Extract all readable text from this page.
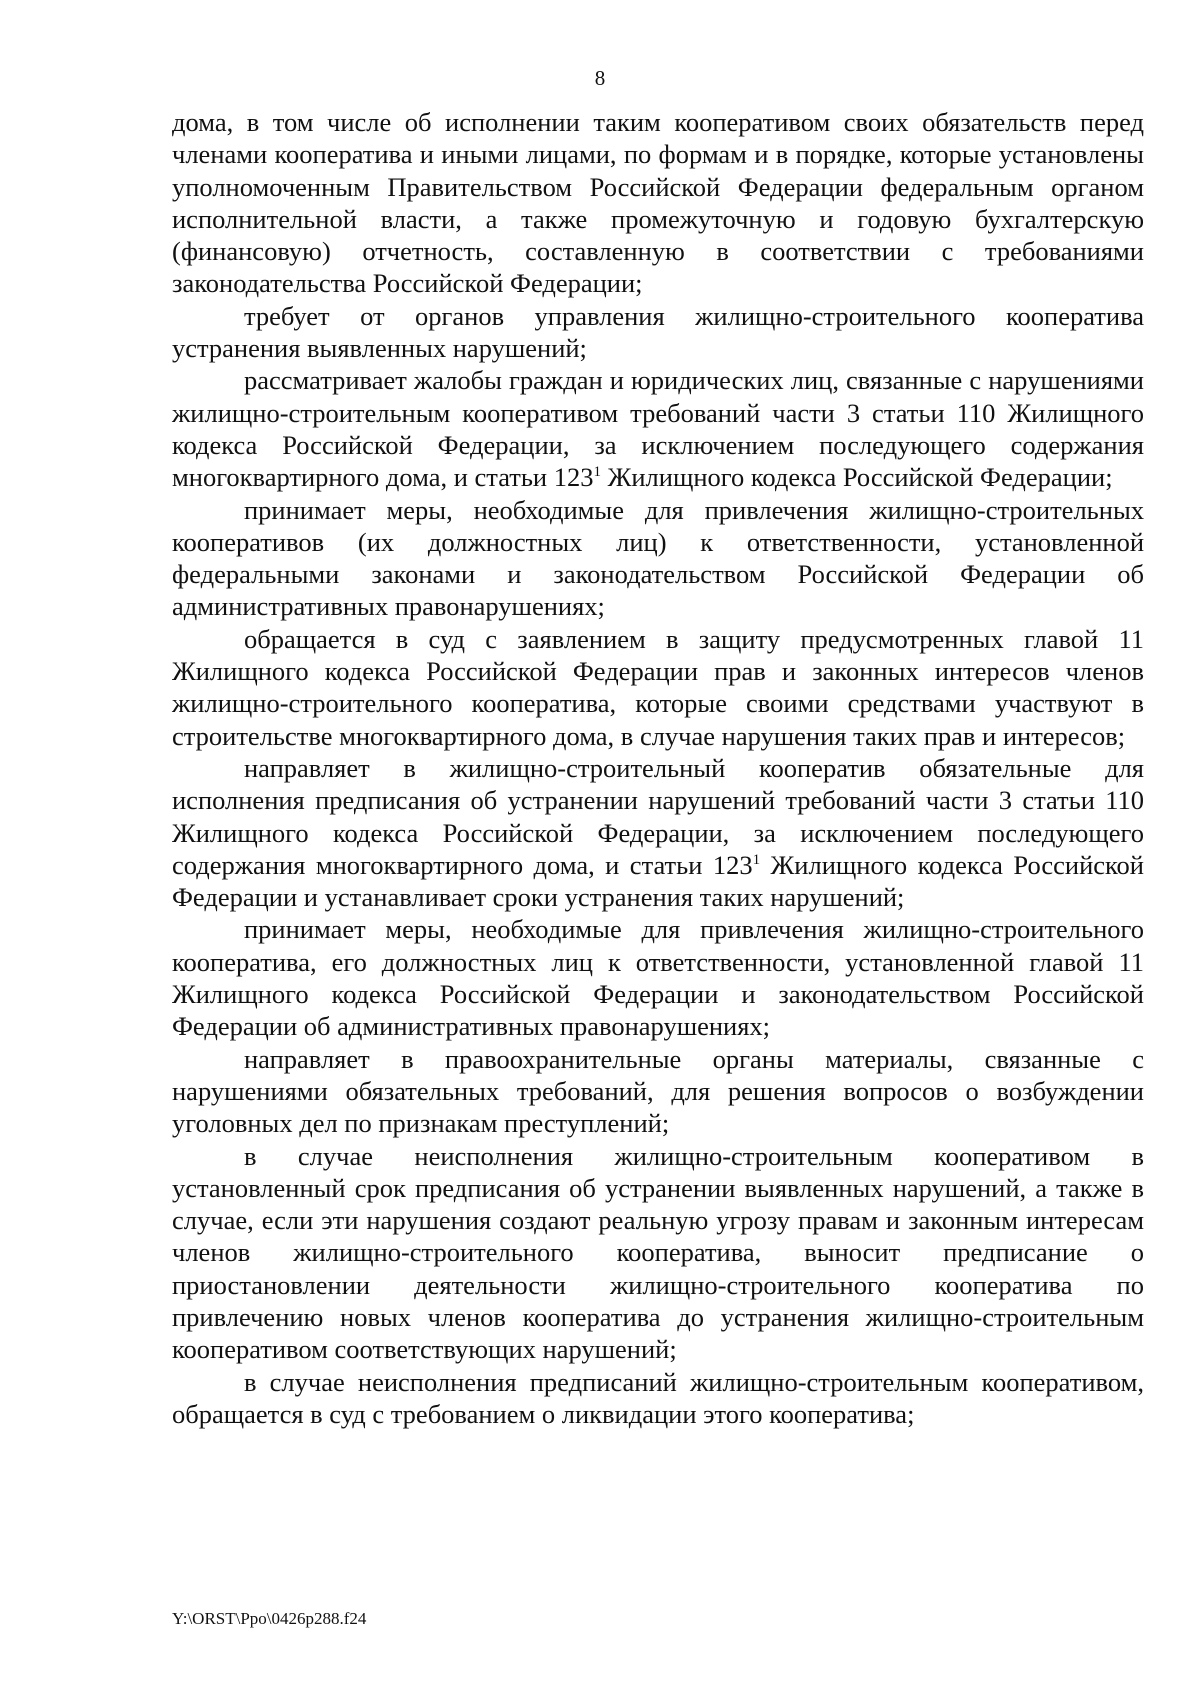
8

дома, в том числе об исполнении таким кооперативом своих обязательств перед членами кооператива и иными лицами, по формам и в порядке, которые установлены уполномоченным Правительством Российской Федерации федеральным органом исполнительной власти, а также промежуточную и годовую бухгалтерскую (финансовую) отчетность, составленную в соответствии с требованиями законодательства Российской Федерации;

требует от органов управления жилищно-строительного кооператива устранения выявленных нарушений;

рассматривает жалобы граждан и юридических лиц, связанные с нарушениями жилищно-строительным кооперативом требований части 3 статьи 110 Жилищного кодекса Российской Федерации, за исключением последующего содержания многоквартирного дома, и статьи $123^1$ Жилищного кодекса Российской Федерации;

принимает меры, необходимые для привлечения жилищно-строительных кооперативов (их должностных лиц) к ответственности, установленной федеральными законами и законодательством Российской Федерации об административных правонарушениях;

обращается в суд с заявлением в защиту предусмотренных главой 11 Жилищного кодекса Российской Федерации прав и законных интересов членов жилищно-строительного кооператива, которые своими средствами участвуют в строительстве многоквартирного дома, в случае нарушения таких прав и интересов;

направляет в жилищно-строительный кооператив обязательные для исполнения предписания об устранении нарушений требований части 3 статьи 110 Жилищного кодекса Российской Федерации, за исключением последующего содержания многоквартирного дома, и статьи $123^1$ Жилищного кодекса Российской Федерации и устанавливает сроки устранения таких нарушений;

принимает меры, необходимые для привлечения жилищно-строительного кооператива, его должностных лиц к ответственности, установленной главой 11 Жилищного кодекса Российской Федерации и законодательством Российской Федерации об административных правонарушениях;

направляет в правоохранительные органы материалы, связанные с нарушениями обязательных требований, для решения вопросов о возбуждении уголовных дел по признакам преступлений;

в случае неисполнения жилищно-строительным кооперативом в установленный срок предписания об устранении выявленных нарушений, а также в случае, если эти нарушения создают реальную угрозу правам и законным интересам членов жилищно-строительного кооператива, выносит предписание о приостановлении деятельности жилищно-строительного кооператива по привлечению новых членов кооператива до устранения жилищно-строительным кооперативом соответствующих нарушений;

в случае неисполнения предписаний жилищно-строительным кооперативом, обращается в суд с требованием о ликвидации этого кооператива;

Y:\ORST\Ppo\0426p288.f24
